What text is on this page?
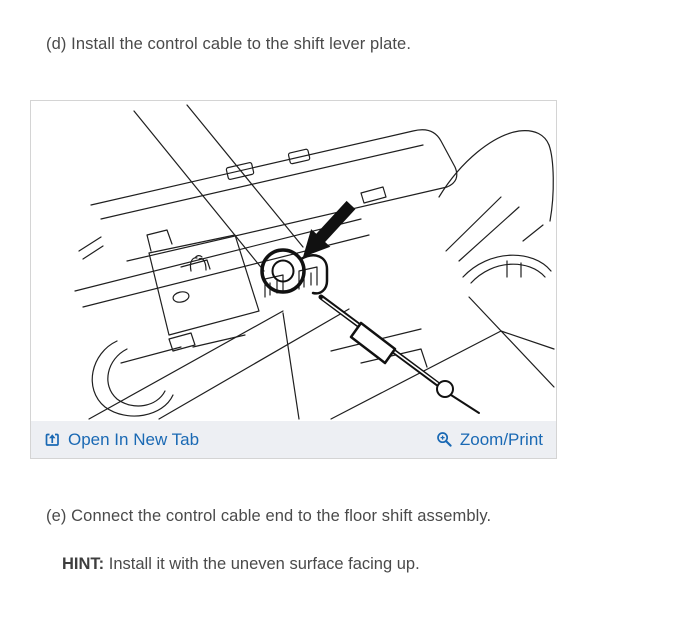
(d) Install the control cable to the shift lever plate.
Open In New Tab	Zoom/Print
(e) Connect the control cable end to the floor shift assembly.
HINT: Install it with the uneven surface facing up.
